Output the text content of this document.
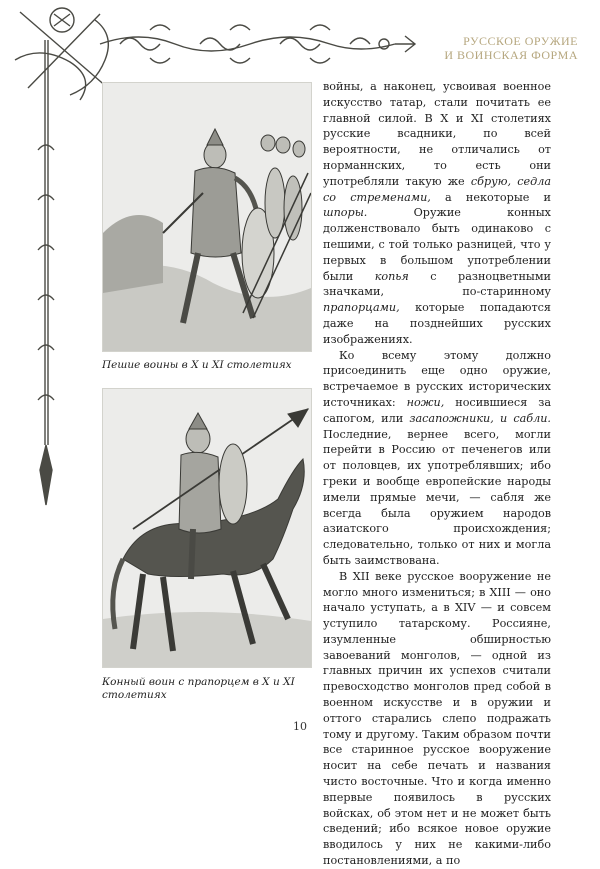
РУССКОЕ ОРУЖИЕ
И ВОИНСКАЯ ФОРМА
Пешие воины в X и XI столетиях
Конный воин с прапорцем в X и XI столетиях

войны, а наконец, усвоивая военное искусство татар, стали почитать ее главной силой. В X и XI столетиях русские всадники, по всей вероятности, не отличались от норманнских, то есть они употребляли такую же сбрую, седла со стременами, а некоторые и шпоры. Оружие конных долженствовало быть одинаково с пешими, с той только разницей, что у первых в большом употреблении были копья с разноцветными значками, по-старинному прапорцами, которые попадаются даже на позднейших русских изображениях.

Ко всему этому должно присоединить еще одно оружие, встречаемое в русских исторических источниках: ножи, носившиеся за сапогом, или засапожники, и сабли. Последние, вернее всего, могли перейти в Россию от печенегов или от половцев, их употреблявших; ибо греки и вообще европейские народы имели прямые мечи, — сабля же всегда была оружием народов азиатского происхождения; следовательно, только от них и могла быть заимствована.

В XII веке русское вооружение не могло много измениться; в XIII — оно начало уступать, а в XIV — и совсем уступило татарскому. Россияне, изумленные обширностью завоеваний монголов, — одной из главных причин их успехов считали превосходство монголов пред собой в военном искусстве и в оружии и оттого старались слепо подражать тому и другому. Таким образом почти все старинное русское вооружение носит на себе печать и названия чисто восточные. Что и когда именно впервые появилось в русских войсках, об этом нет и не может быть сведений; ибо всякое новое оружие вводилось у них не какими-либо постановлениями, а по

10
